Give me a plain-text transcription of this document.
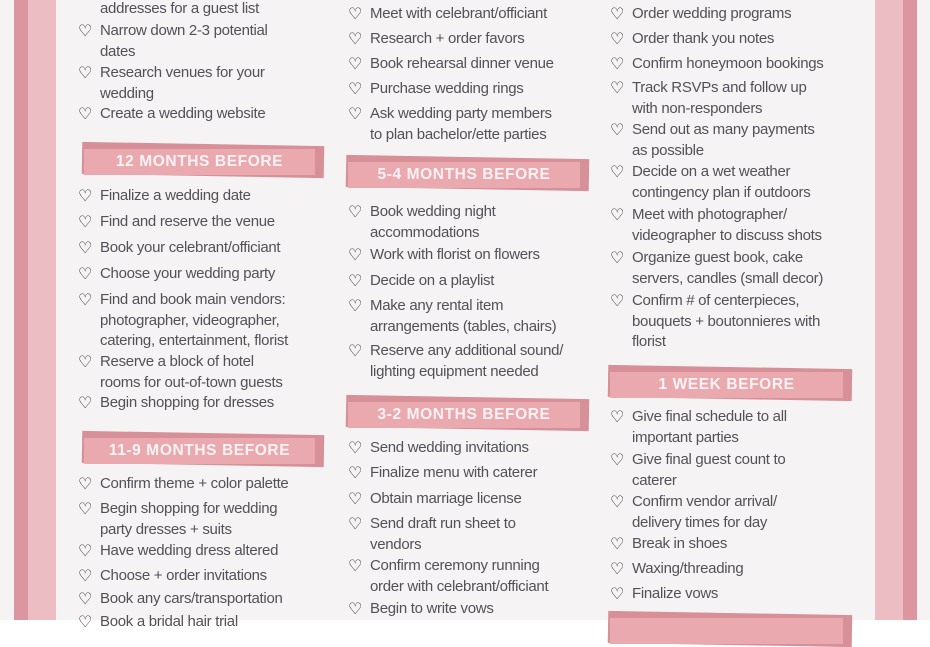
addresses for a guest list
♡ Narrow down 2-3 potential
dates
♡ Research venues for your
wedding
♡ Create a wedding website
12 MONTHS BEFORE
♡ Finalize a wedding date
♡ Find and reserve the venue
♡ Book your celebrant/officiant
♡ Choose your wedding party
♡ Find and book main vendors:
photographer, videographer,
catering, entertainment, florist
♡ Reserve a block of hotel
rooms for out-of-town guests
♡ Begin shopping for dresses
11-9 MONTHS BEFORE
♡ Confirm theme + color palette
♡ Begin shopping for wedding
party dresses + suits
♡ Have wedding dress altered
♡ Choose + order invitations
♡ Book any cars/transportation
♡ Book a bridal hair trial
♡ Meet with celebrant/officiant
♡ Research + order favors
♡ Book rehearsal dinner venue
♡ Purchase wedding rings
♡ Ask wedding party members
to plan bachelor/ette parties
5-4 MONTHS BEFORE
♡ Book wedding night
accommodations
♡ Work with florist on flowers
♡ Decide on a playlist
♡ Make any rental item
arrangements (tables, chairs)
♡ Reserve any additional sound/
lighting equipment needed
3-2 MONTHS BEFORE
♡ Send wedding invitations
♡ Finalize menu with caterer
♡ Obtain marriage license
♡ Send draft run sheet to
vendors
♡ Confirm ceremony running
order with celebrant/officiant
♡ Begin to write vows
♡ Order wedding programs
♡ Order thank you notes
♡ Confirm honeymoon bookings
♡ Track RSVPs and follow up
with non-responders
♡ Send out as many payments
as possible
♡ Decide on a wet weather
contingency plan if outdoors
♡ Meet with photographer/
videographer to discuss shots
♡ Organize guest book, cake
servers, candles (small decor)
♡ Confirm # of centerpieces,
bouquets + boutonnieres with
florist
1 WEEK BEFORE
♡ Give final schedule to all
important parties
♡ Give final guest count to
caterer
♡ Confirm vendor arrival/
delivery times for day
♡ Break in shoes
♡ Waxing/threading
♡ Finalize vows
